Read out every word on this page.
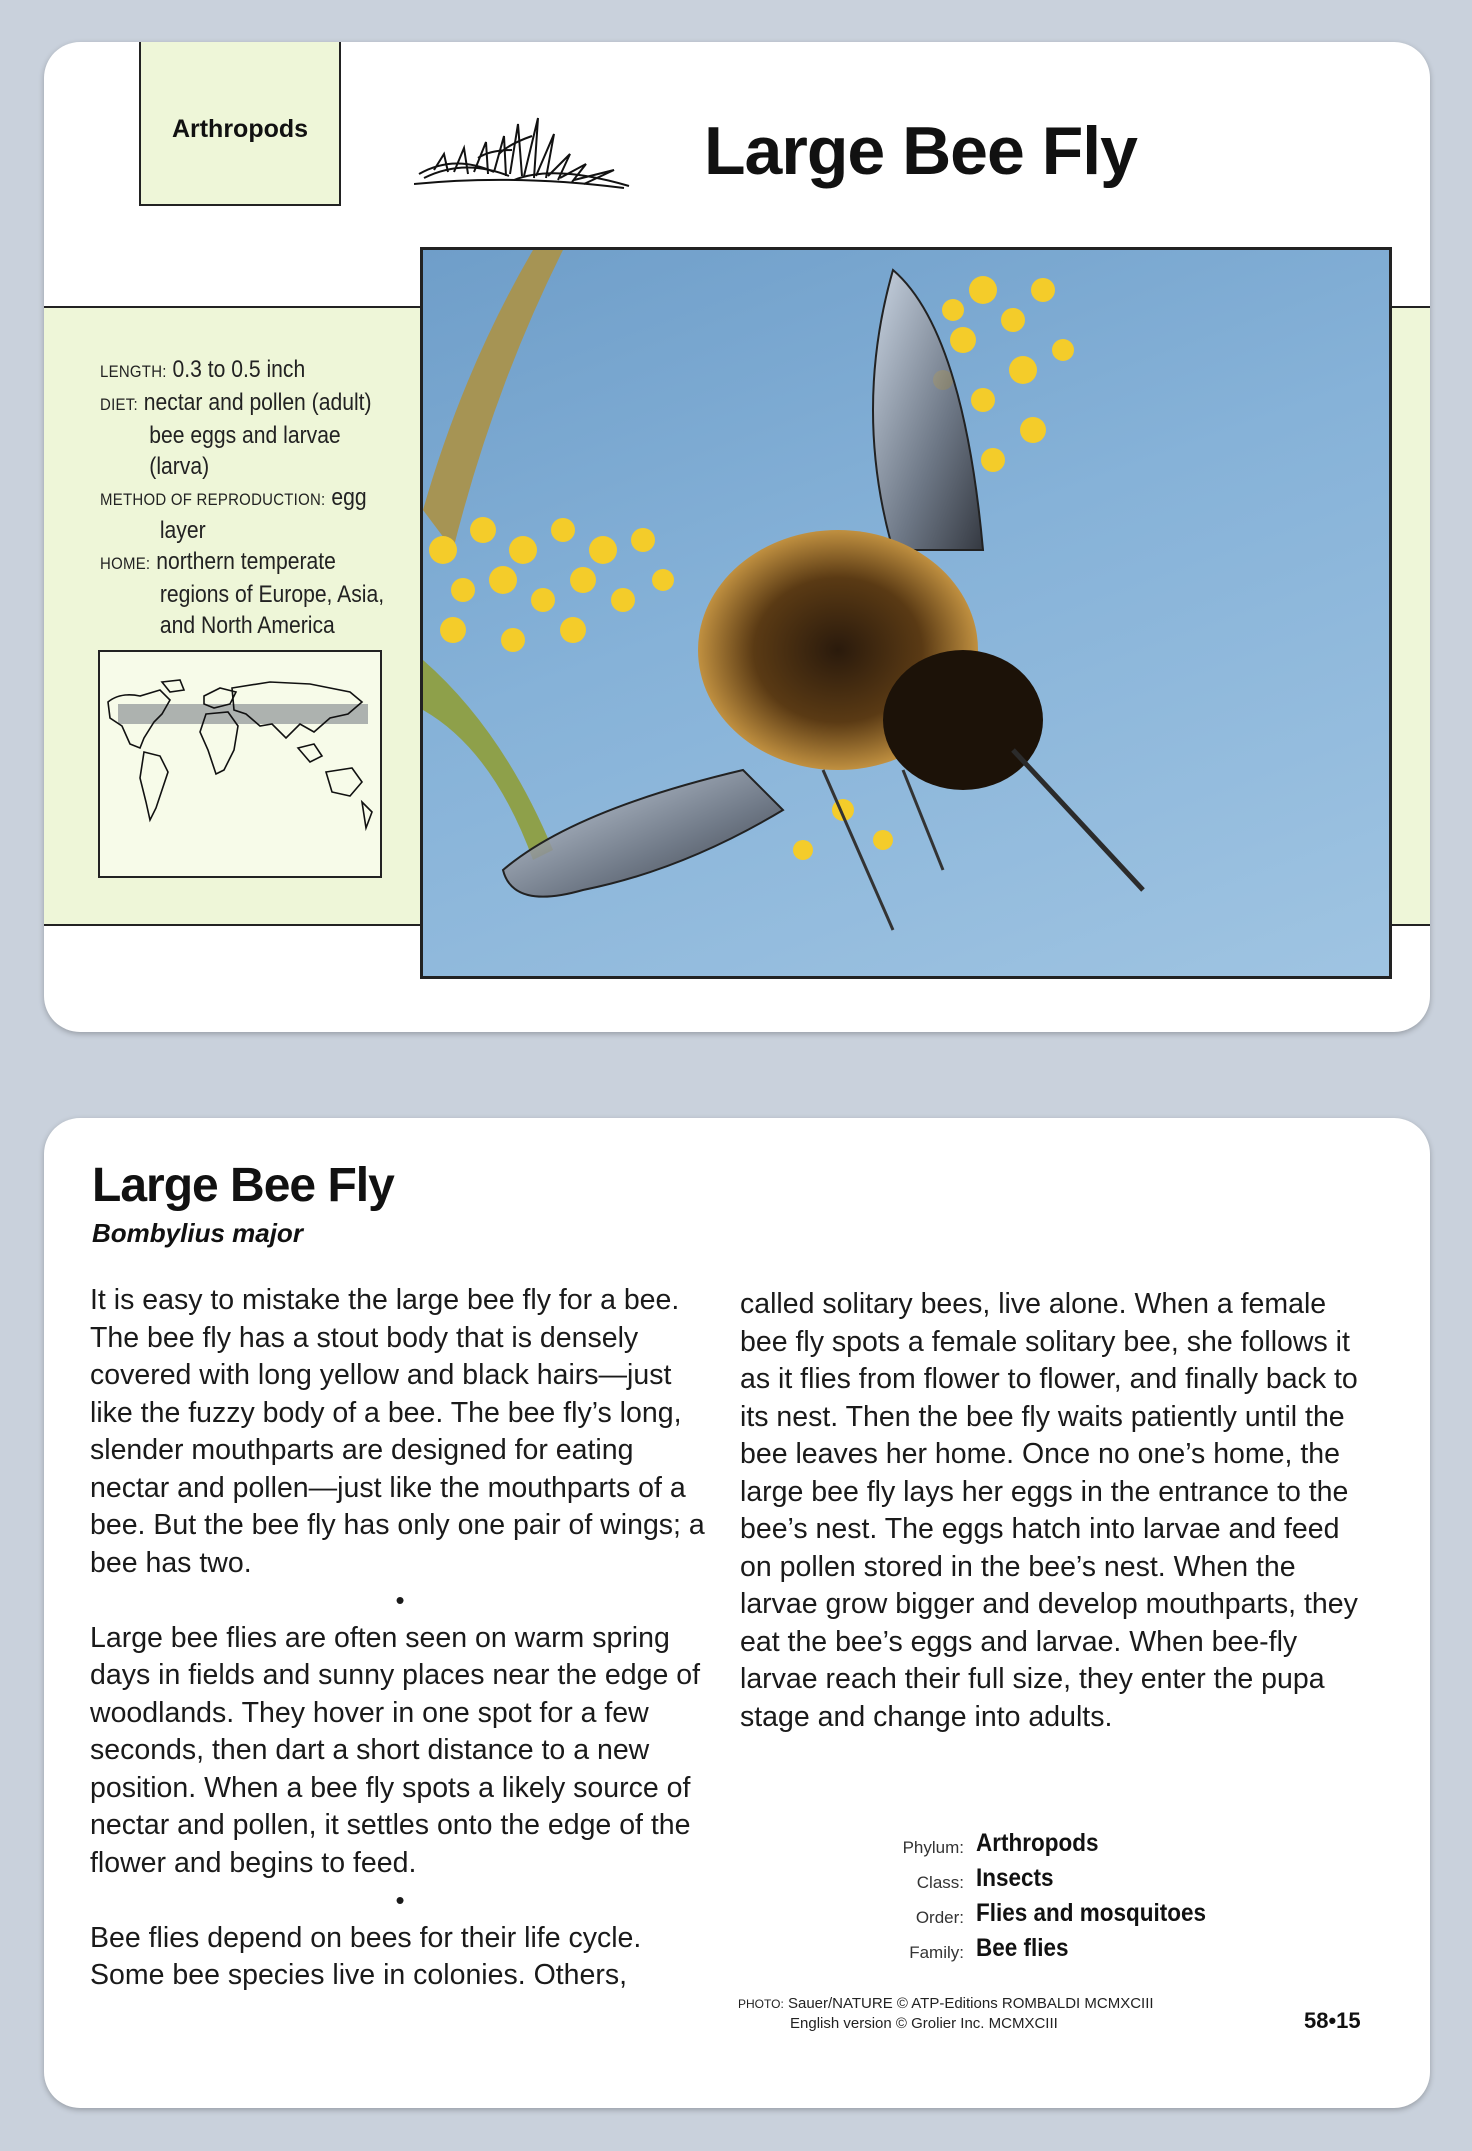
Arthropods	Large Bee Fly
LENGTH: 0.3 to 0.5 inch
DIET: nectar and pollen (adult)
bee eggs and larvae
(larva)
METHOD OF REPRODUCTION: egg
layer
HOME: northern temperate
regions of Europe, Asia,
and North America
Large Bee Fly
Bombylius major

It is easy to mistake the large bee fly for a bee. The bee fly has a stout body that is densely covered with long yellow and black hairs—just like the fuzzy body of a bee. The bee fly’s long, slender mouthparts are designed for eating nectar and pollen—just like the mouthparts of a bee. But the bee fly has only one pair of wings; a bee has two.

•

Large bee flies are often seen on warm spring days in fields and sunny places near the edge of woodlands. They hover in one spot for a few seconds, then dart a short distance to a new position. When a bee fly spots a likely source of nectar and pollen, it settles onto the edge of the flower and begins to feed.

•

Bee flies depend on bees for their life cycle. Some bee species live in colonies. Others,

called solitary bees, live alone. When a female bee fly spots a female solitary bee, she follows it as it flies from flower to flower, and finally back to its nest. Then the bee fly waits patiently until the bee leaves her home. Once no one’s home, the large bee fly lays her eggs in the entrance to the bee’s nest. The eggs hatch into larvae and feed on pollen stored in the bee’s nest. When the larvae grow bigger and develop mouthparts, they eat the bee’s eggs and larvae. When bee-fly larvae reach their full size, they enter the pupa stage and change into adults.

Phylum: Arthropods
Class: Insects
Order: Flies and mosquitoes
Family: Bee flies
PHOTO: Sauer/NATURE © ATP-Editions ROMBALDI MCMXCIII
English version © Grolier Inc. MCMXCIII	58•15
